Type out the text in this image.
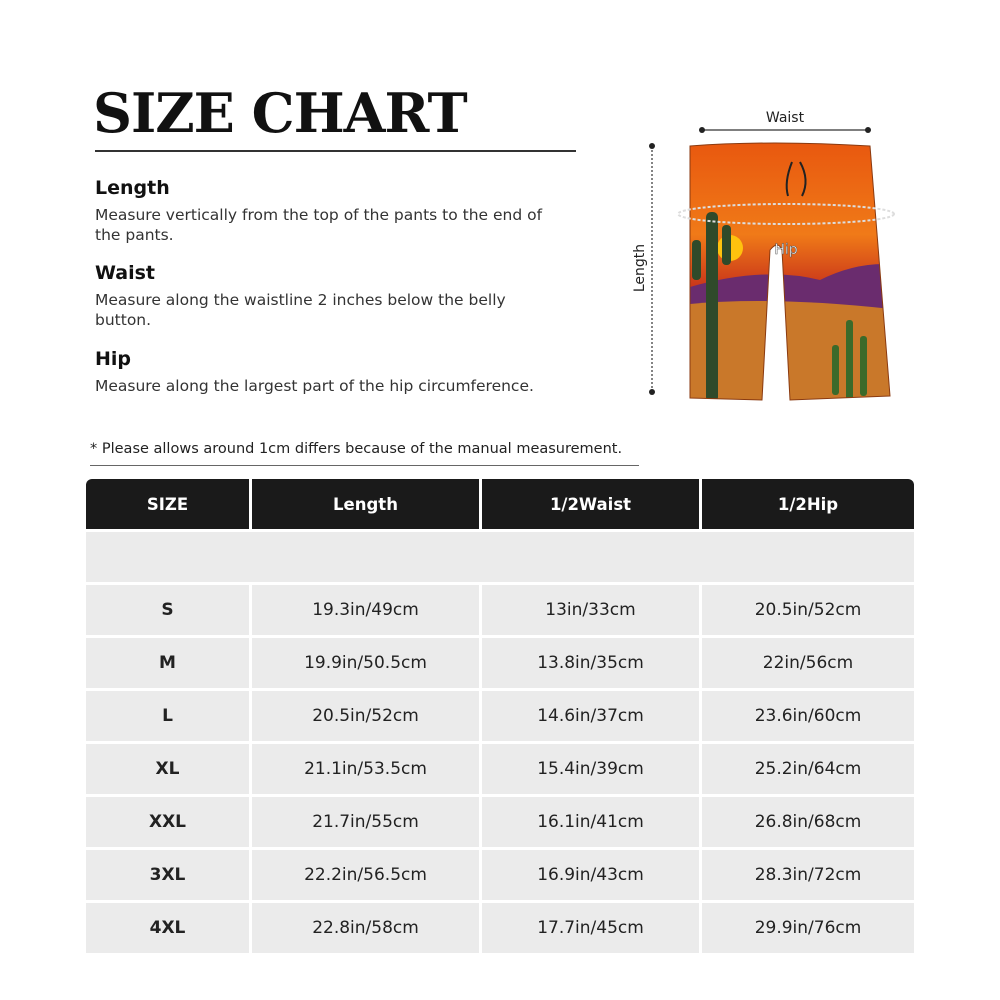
SIZE CHART
Length

Measure vertically from the top of the pants to the end of the pants.

Waist

Measure along the waistline 2 inches below the belly button.

Hip

Measure along the largest part of the hip circumference.

Waist
Hip
Length
* Please allows around 1cm differs because of the manual measurement.
SIZE	Length	1/2Waist	1/2Hip

S	19.3in/49cm	13in/33cm	20.5in/52cm
M	19.9in/50.5cm	13.8in/35cm	22in/56cm
L	20.5in/52cm	14.6in/37cm	23.6in/60cm
XL	21.1in/53.5cm	15.4in/39cm	25.2in/64cm
XXL	21.7in/55cm	16.1in/41cm	26.8in/68cm
3XL	22.2in/56.5cm	16.9in/43cm	28.3in/72cm
4XL	22.8in/58cm	17.7in/45cm	29.9in/76cm
